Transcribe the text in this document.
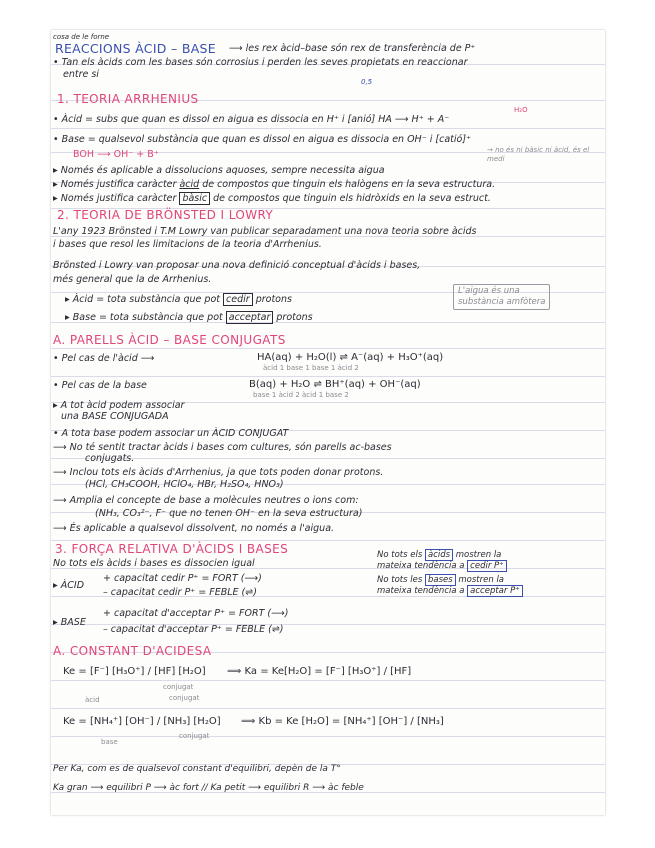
cosa de le forne
REACCIONS ÀCID – BASE ⟶ les rex àcid–base són rex de transferència de P⁺
• Tan els àcids com les bases són corrosius i perden les seves propietats en reaccionar
entre si
0,5
1. TEORIA ARRHENIUS
• Àcid = subs que quan es dissol en aigua es dissocia en H⁺ i [anió] HA ⟶ H⁺ + A⁻
H₂O
• Base = qualsevol substància que quan es dissol en aigua es dissocia en OH⁻ i [catió]⁺
BOH ⟶ OH⁻ + B⁺	→ no és ni bàsic ni àcid, és el medi
▸ Només és aplicable a dissolucions aquoses, sempre necessita aigua
▸ Només justifica caràcter àcid de compostos que tinguin els halògens en la seva estructura.
▸ Només justifica caràcter bàsic de compostos que tinguin els hidròxids en la seva estruct.
2. TEORIA DE BRÖNSTED I LOWRY
L'any 1923 Brönsted i T.M Lowry van publicar separadament una nova teoria sobre àcids
i bases que resol les limitacions de la teoria d'Arrhenius.
Brönsted i Lowry van proposar una nova definició conceptual d'àcids i bases,
més general que la de Arrhenius.
L'aigua és una
substància amfòtera
▸ Àcid = tota substància que pot cedir protons
▸ Base = tota substància que pot acceptar protons
A. PARELLS ÀCID – BASE CONJUGATS
• Pel cas de l'àcid ⟶	HA(aq) + H₂O(l) ⇌ A⁻(aq) + H₃O⁺(aq)
àcid 1 base 1 base 1 àcid 2
• Pel cas de la base	B(aq) + H₂O ⇌ BH⁺(aq) + OH⁻(aq)
base 1 àcid 2 àcid 1 base 2
▸ A tot àcid podem associar
una BASE CONJUGADA
• A tota base podem associar un ÀCID CONJUGAT
⟶ No té sentit tractar àcids i bases com cultures, són parells ac-bases
conjugats.
⟶ Inclou tots els àcids d'Arrhenius, ja que tots poden donar protons.
(HCl, CH₃COOH, HClO₄, HBr, H₂SO₄, HNO₃)
⟶ Amplia el concepte de base a molècules neutres o ions com:
(NH₃, CO₃²⁻, F⁻ que no tenen OH⁻ en la seva estructura)
⟶ És aplicable a qualsevol dissolvent, no només a l'aigua.
3. FORÇA RELATIVA D'ÀCIDS I BASES
No tots els àcids i bases es dissocien igual
No tots els àcids mostren la
mateixa tendència a cedir P⁺
No tots les bases mostren la
mateixa tendència a acceptar P⁺
▸ ÀCID
+ capacitat cedir P⁺ = FORT (⟶)
– capacitat cedir P⁺ = FEBLE (⇌)
▸ BASE
+ capacitat d'acceptar P⁺ = FORT (⟶)
– capacitat d'acceptar P⁺ = FEBLE (⇌)
A. CONSTANT D'ACIDESA
Ke = [F⁻] [H₃O⁺] / [HF] [H₂O] ⟹ Ka = Ke[H₂O] = [F⁻] [H₃O⁺] / [HF]
conjugat
àcid	conjugat
Ke = [NH₄⁺] [OH⁻] / [NH₃] [H₂O] ⟹ Kb = Ke [H₂O] = [NH₄⁺] [OH⁻] / [NH₃]
base
conjugat
Per Ka, com es de qualsevol constant d'equilibri, depèn de la T°
Ka gran ⟶ equilibri P ⟶ àc fort // Ka petit ⟶ equilibri R ⟶ àc feble
